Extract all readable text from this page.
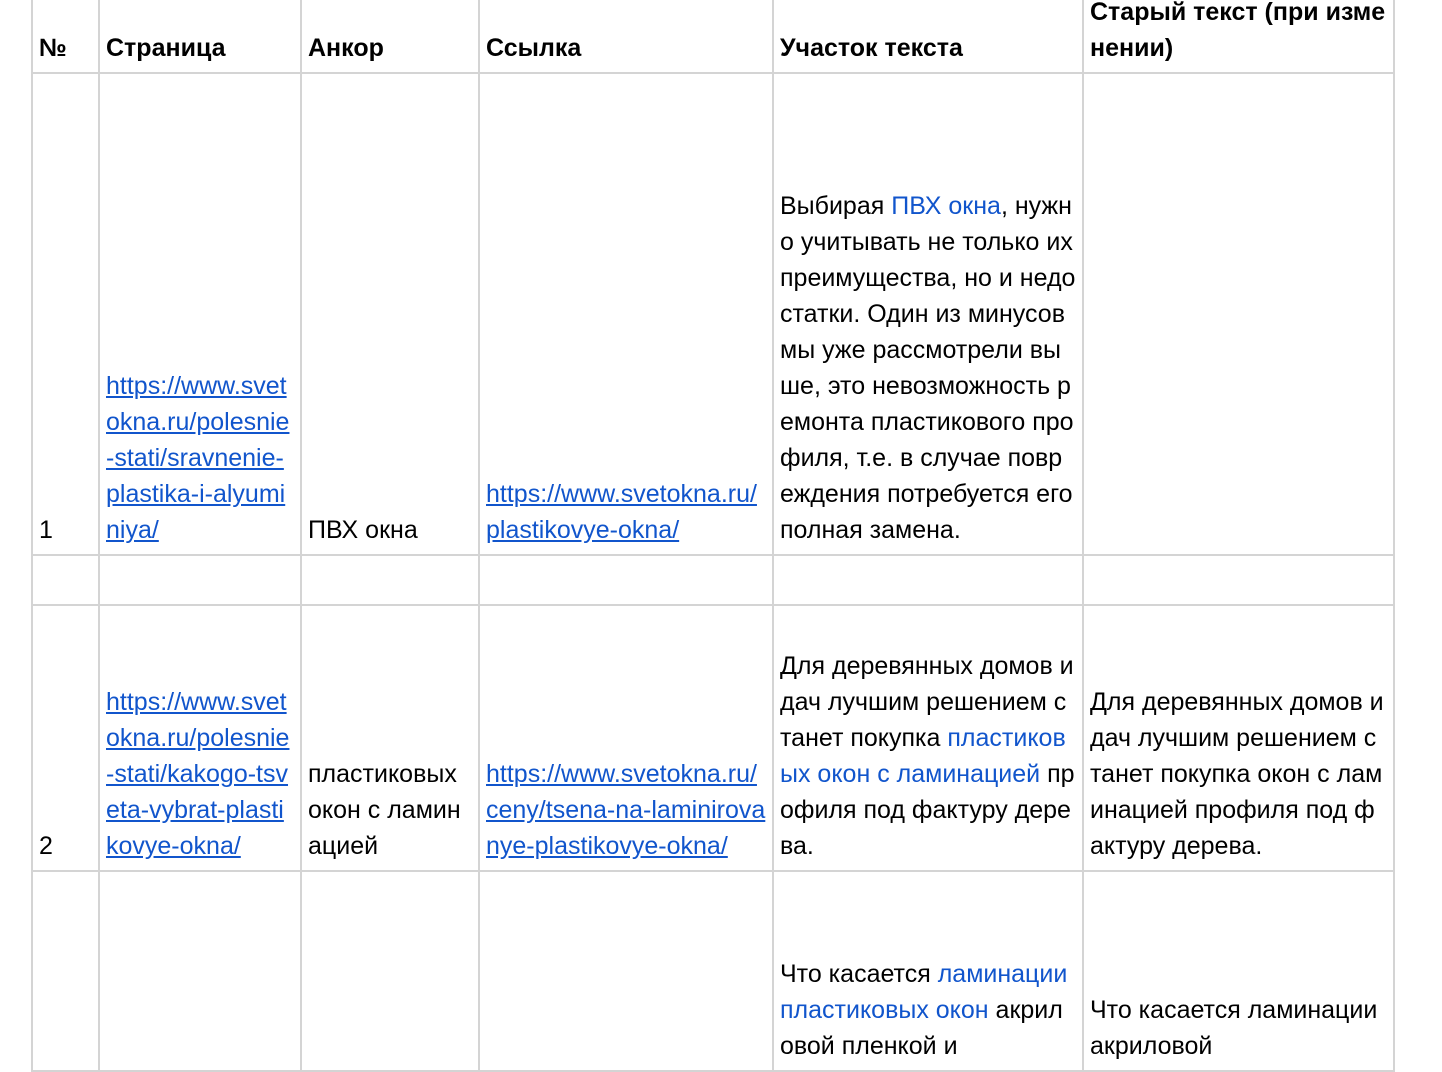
№	Страница	Анкор	Ссылка	Участок текста	Старый текст (при изменении)
1	https://www.svetokna.ru/polesnie-stati/sravnenie-plastika-i-alyuminiya/	ПВХ окна	https://www.svetokna.ru/plastikovye-okna/	Выбирая ПВХ окна, нужно учитывать не только их преимущества, но и недостатки. Один из минусов мы уже рассмотрели выше, это невозможность ремонта пластикового профиля, т.е. в случае повреждения потребуется его полная замена.	

2	https://www.svetokna.ru/polesnie-stati/kakogo-tsveta-vybrat-plastikovye-okna/	пластиковых окон с ламинацией	https://www.svetokna.ru/ceny/tsena-na-laminirovanye-plastikovye-okna/	Для деревянных домов и дач лучшим решением станет покупка пластиковых окон с ламинацией профиля под фактуру дерева.	Для деревянных домов и дач лучшим решением станет покупка окон с ламинацией профиля под фактуру дерева.
				Что касается ламинации пластиковых окон акриловой пленкой и	Что касается ламинации акриловой
